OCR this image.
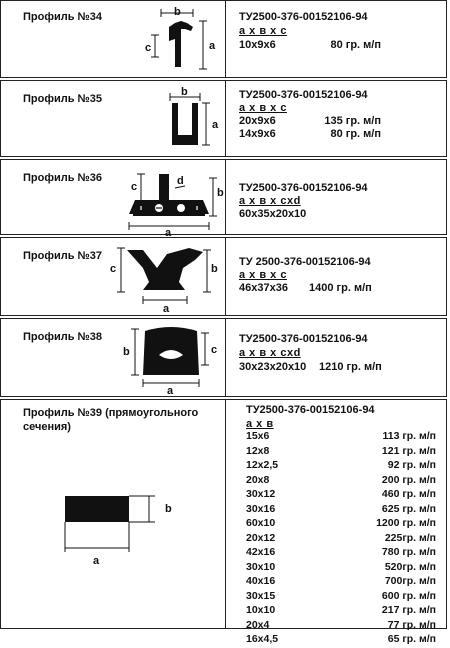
Профиль №34	b
c	a
ТУ2500-376-00152106-94
a x в x c
10x9x6	80 гр. м/п
Профиль №35
b
c a
ТУ2500-376-00152106-94
a x в x c
20x9x6	135 гр. м/п
14x9x6	80 гр. м/п
Профиль №36
c	d
b
a
ТУ2500-376-00152106-94
a x в x cxd
60x35x20x10
Профиль №37
c	b
a
ТУ 2500-376-00152106-94
a x в x c
46x37x36 1400 гр. м/п
Профиль №38
b	c
a
ТУ2500-376-00152106-94
a x в x cxd
30x23x20x10 1210 гр. м/п
Профиль №39 (прямоугольного сечения)
b
a
ТУ2500-376-00152106-94
a x в
15x6	113 гр. м/п
12x8	121 гр. м/п
12x2,5	92 гр. м/п
20x8	200 гр. м/п
30x12	460 гр. м/п
30x16	625 гр. м/п
60x10	1200 гр. м/п
20x12	225гр. м/п
42x16	780 гр. м/п
30x10	520гр. м/п
40x16	700гр. м/п
30x15	600 гр. м/п
10x10	217 гр. м/п
20x4	77 гр. м/п
16x4,5	65 гр. м/п
